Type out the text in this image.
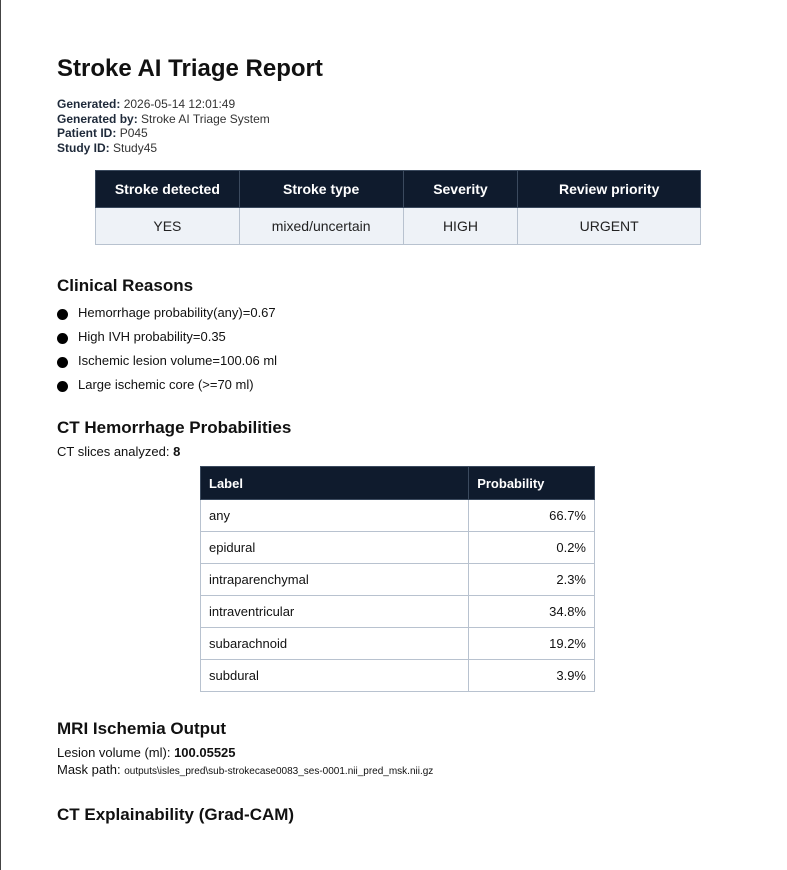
Stroke AI Triage Report
Generated: 2026-05-14 12:01:49
Generated by: Stroke AI Triage System
Patient ID: P045
Study ID: Study45
Stroke detected	Stroke type	Severity	Review priority
YES	mixed/uncertain	HIGH	URGENT
Clinical Reasons
Hemorrhage probability(any)=0.67
High IVH probability=0.35
Ischemic lesion volume=100.06 ml
Large ischemic core (>=70 ml)
CT Hemorrhage Probabilities
CT slices analyzed: 8
Label	Probability
any	66.7%
epidural	0.2%
intraparenchymal	2.3%
intraventricular	34.8%
subarachnoid	19.2%
subdural	3.9%
MRI Ischemia Output
Lesion volume (ml): 100.05525
Mask path: outputs\isles_pred\sub-strokecase0083_ses-0001.nii_pred_msk.nii.gz
CT Explainability (Grad-CAM)
